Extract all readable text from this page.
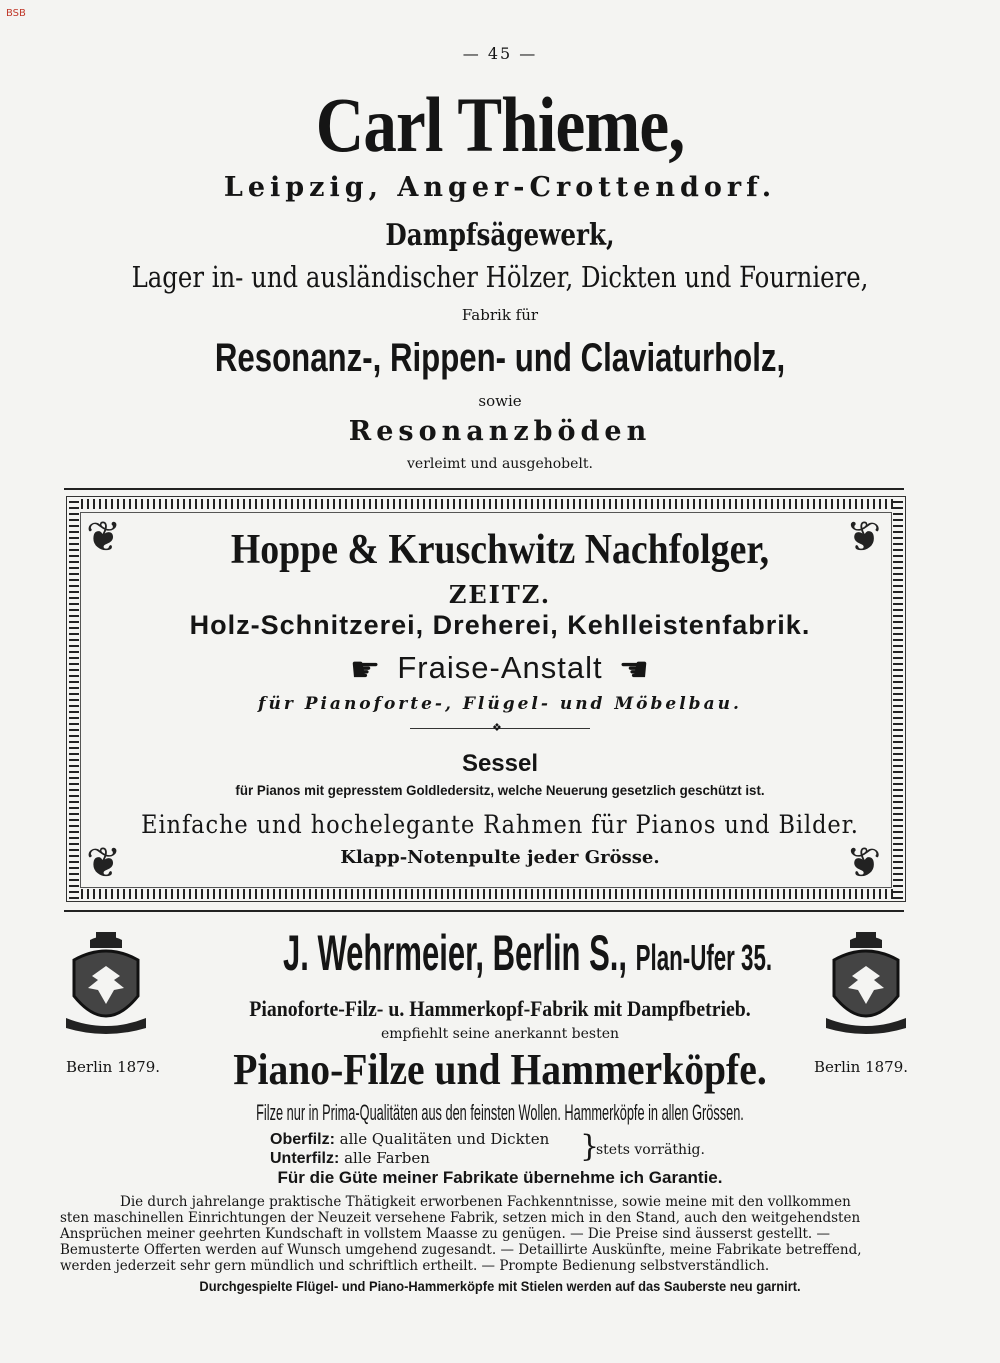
BSB
— 45 —
Carl Thieme,
Leipzig, Anger-Crottendorf.
Dampfsägewerk,
Lager in- und ausländischer Hölzer, Dickten und Fourniere,
Fabrik für
Resonanz-, Rippen- und Claviaturholz,
sowie
Resonanzböden
verleimt und ausgehobelt.
❦	❦
❦	❦
Hoppe & Kruschwitz Nachfolger,
ZEITZ.
Holz-Schnitzerei, Dreherei, Kehlleistenfabrik.
☛ Fraise-Anstalt ☚
für Pianoforte-, Flügel- und Möbelbau.
❖
Sessel
für Pianos mit gepresstem Goldledersitz, welche Neuerung gesetzlich geschützt ist.
Einfache und hochelegante Rahmen für Pianos und Bilder.
Klapp-Notenpulte jeder Grösse.
J. Wehrmeier, Berlin S., Plan-Ufer 35.
Pianoforte-Filz- u. Hammerkopf-Fabrik mit Dampfbetrieb.
empfiehlt seine anerkannt besten
Berlin 1879.	Piano-Filze und Hammerköpfe.	Berlin 1879.
Filze nur in Prima-Qualitäten aus den feinsten Wollen. Hammerköpfe in allen Grössen.
Oberfilz: alle Qualitäten und Dickten
Unterfilz: alle Farben	}
stets vorräthig.
Für die Güte meiner Fabrikate übernehme ich Garantie.

Die durch jahrelange praktische Thätigkeit erworbenen Fachkenntnisse, sowie meine mit den vollkommen

sten maschinellen Einrichtungen der Neuzeit versehene Fabrik, setzen mich in den Stand, auch den weitgehendsten

Ansprüchen meiner geehrten Kundschaft in vollstem Maasse zu genügen. — Die Preise sind äusserst gestellt. —

Bemusterte Offerten werden auf Wunsch umgehend zugesandt. — Detaillirte Auskünfte, meine Fabrikate betreffend,

werden jederzeit sehr gern mündlich und schriftlich ertheilt. — Prompte Bedienung selbstverständlich.

Durchgespielte Flügel- und Piano-Hammerköpfe mit Stielen werden auf das Sauberste neu garnirt.
